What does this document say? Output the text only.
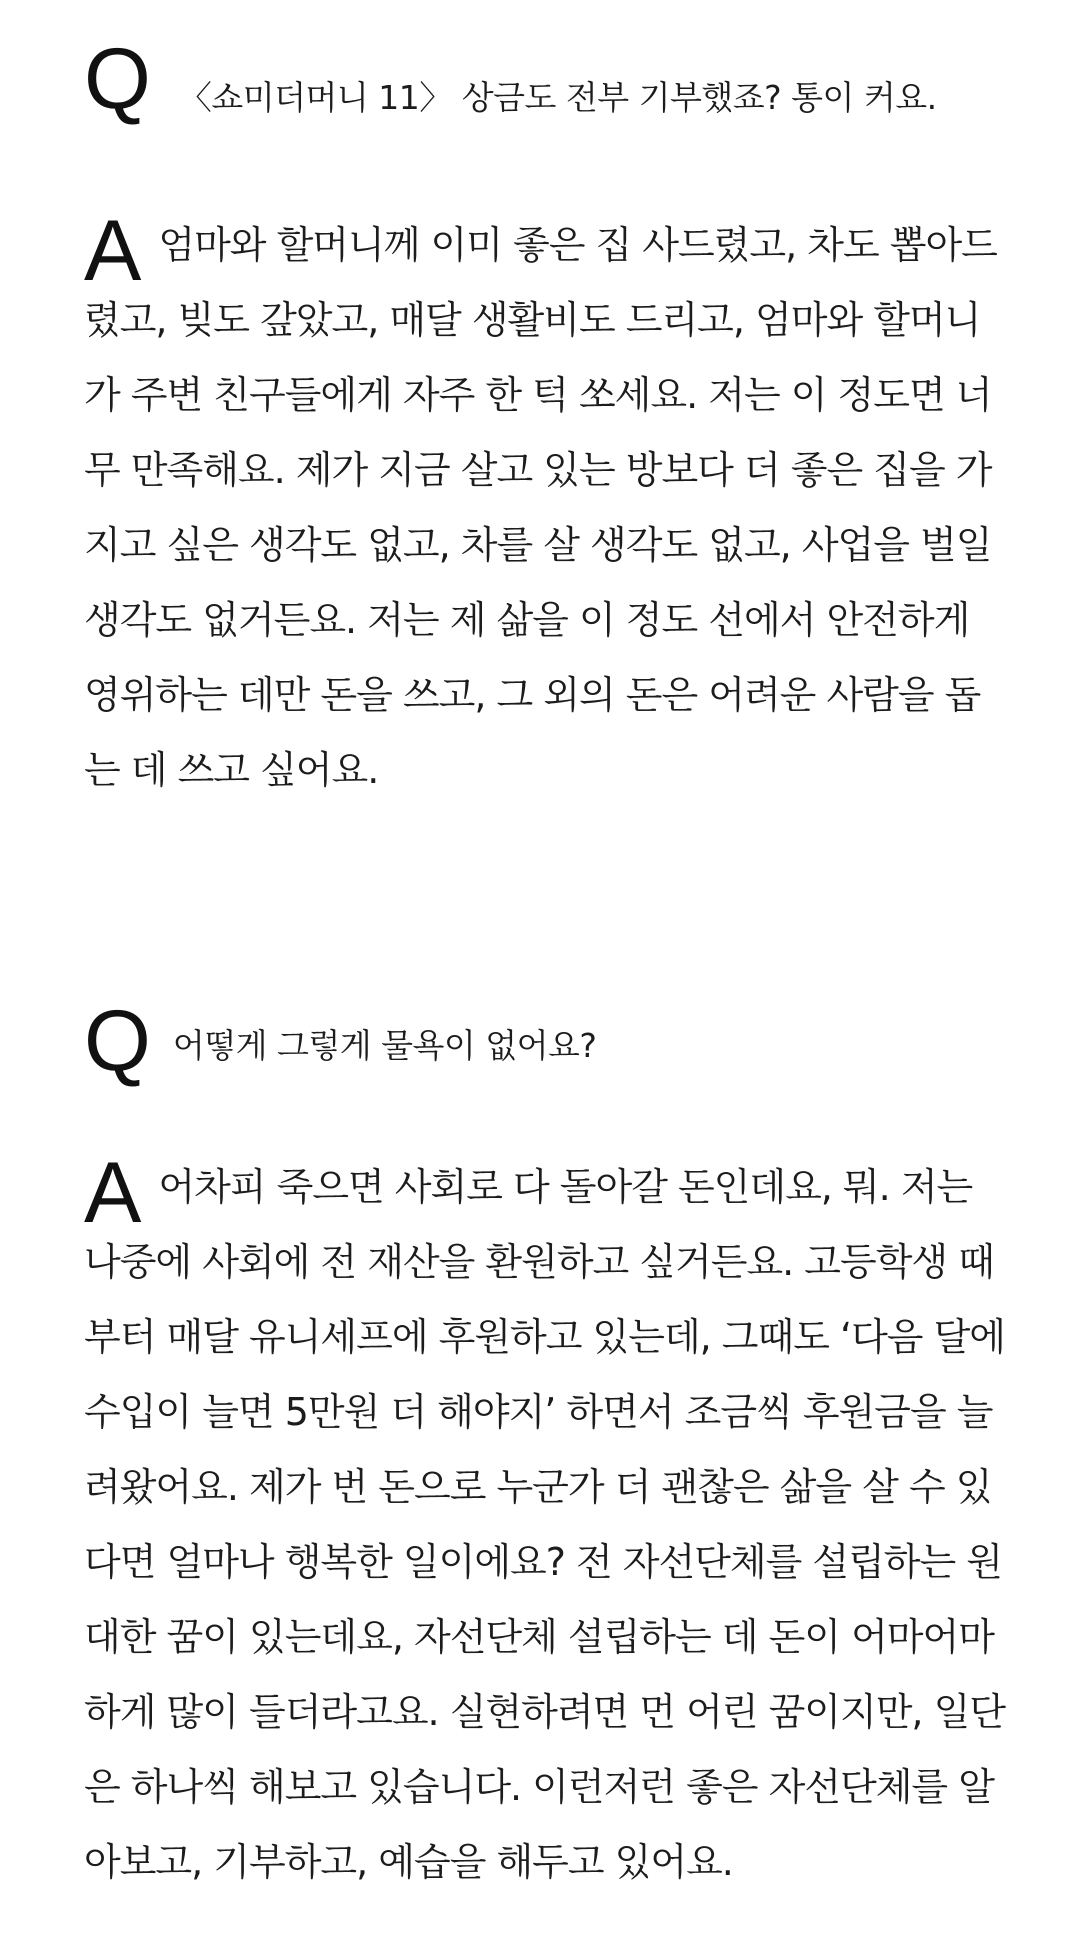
Q 〈쇼미더머니 11〉 상금도 전부 기부했죠? 통이 커요.

A엄마와 할머니께 이미 좋은 집 사드렸고, 차도 뽑아드렸고, 빚도 갚았고, 매달 생활비도 드리고, 엄마와 할머니가 주변 친구들에게 자주 한 턱 쏘세요. 저는 이 정도면 너무 만족해요. 제가 지금 살고 있는 방보다 더 좋은 집을 가지고 싶은 생각도 없고, 차를 살 생각도 없고, 사업을 벌일 생각도 없거든요. 저는 제 삶을 이 정도 선에서 안전하게 영위하는 데만 돈을 쓰고, 그 외의 돈은 어려운 사람을 돕는 데 쓰고 싶어요.

Q 어떻게 그렇게 물욕이 없어요?

A어차피 죽으면 사회로 다 돌아갈 돈인데요, 뭐. 저는 나중에 사회에 전 재산을 환원하고 싶거든요. 고등학생 때부터 매달 유니세프에 후원하고 있는데, 그때도 ‘다음 달에 수입이 늘면 5만원 더 해야지’ 하면서 조금씩 후원금을 늘려왔어요. 제가 번 돈으로 누군가 더 괜찮은 삶을 살 수 있다면 얼마나 행복한 일이에요? 전 자선단체를 설립하는 원대한 꿈이 있는데요, 자선단체 설립하는 데 돈이 어마어마하게 많이 들더라고요. 실현하려면 먼 어린 꿈이지만, 일단은 하나씩 해보고 있습니다. 이런저런 좋은 자선단체를 알아보고, 기부하고, 예습을 해두고 있어요.
